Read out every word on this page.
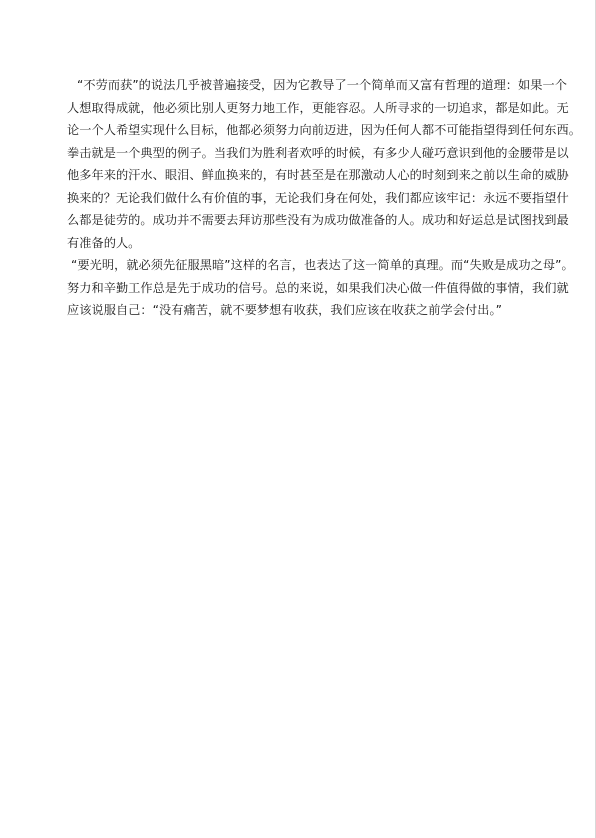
“不劳而获”的说法几乎被普遍接受，因为它教导了一个简单而又富有哲理的道理：如果一个
人想取得成就，他必须比别人更努力地工作，更能容忍。人所寻求的一切追求，都是如此。无
论一个人希望实现什么目标，他都必须努力向前迈进，因为任何人都不可能指望得到任何东西。
拳击就是一个典型的例子。当我们为胜利者欢呼的时候，有多少人碰巧意识到他的金腰带是以
他多年来的汗水、眼泪、鲜血换来的，有时甚至是在那激动人心的时刻到来之前以生命的威胁
换来的？无论我们做什么有价值的事，无论我们身在何处，我们都应该牢记：永远不要指望什
么都是徒劳的。成功并不需要去拜访那些没有为成功做准备的人。成功和好运总是试图找到最
有准备的人。
“要光明，就必须先征服黑暗”这样的名言，也表达了这一简单的真理。而“失败是成功之母”。
努力和辛勤工作总是先于成功的信号。总的来说，如果我们决心做一件值得做的事情，我们就
应该说服自己：“没有痛苦，就不要梦想有收获，我们应该在收获之前学会付出。”
